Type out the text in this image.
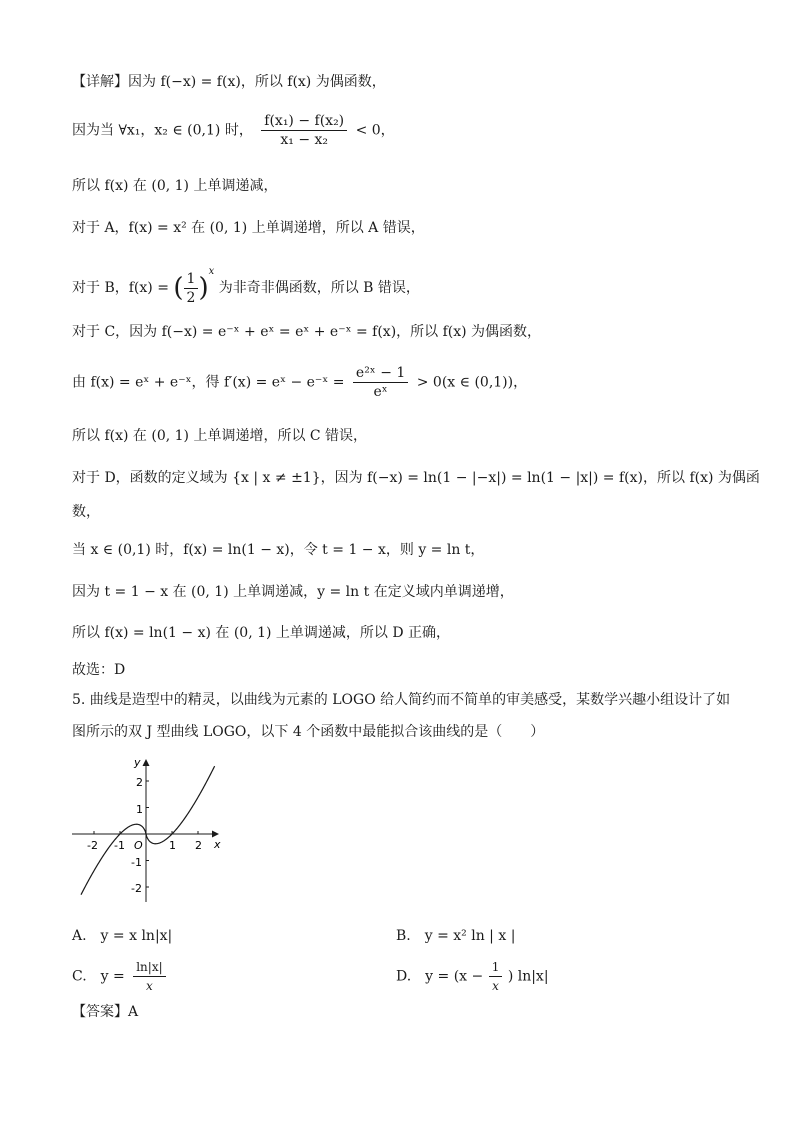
【详解】因为 f(−x) = f(x)，所以 f(x) 为偶函数，
因为当 ∀x₁，x₂ ∈ (0,1) 时， $\frac{\text{f(x₁) − f(x₂)}}{\text{x₁ − x₂}} < 0$，
所以 f(x) 在 (0, 1) 上单调递减，
对于 A，f(x) = x² 在 (0, 1) 上单调递增，所以 A 错误，
对于 B，f(x) = ( $\frac{1}{2} )^x$ 为非奇非偶函数，所以 B 错误，
对于 C，因为 f(−x) = e⁻ˣ + eˣ = eˣ + e⁻ˣ = f(x)，所以 f(x) 为偶函数，
由 f(x) = eˣ + e⁻ˣ，得 f′(x) = eˣ − e⁻ˣ = $\frac{\text{e²ˣ − 1}}{\text{eˣ}} > 0(x$ ∈ (0,1))，
所以 f(x) 在 (0, 1) 上单调递增，所以 C 错误，
对于 D，函数的定义域为 {x | x ≠ ±1}，因为 f(−x) = ln(1 − |−x|) = ln(1 − |x|) = f(x)，所以 f(x) 为偶函
数，
当 x ∈ (0,1) 时，f(x) = ln(1 − x)，令 t = 1 − x，则 y = ln t，
因为 t = 1 − x 在 (0, 1) 上单调递减，y = ln t 在定义域内单调递增，
所以 f(x) = ln(1 − x) 在 (0, 1) 上单调递减，所以 D 正确，
故选：D
5. 曲线是造型中的精灵，以曲线为元素的 LOGO 给人简约而不简单的审美感受，某数学兴趣小组设计了如
图所示的双 J 型曲线 LOGO，以下 4 个函数中最能拟合该曲线的是（　　）
x
y
O
-2 -1	1 2
2
1
-1
-2
A.　y = x ln|x|	B.　y = x² ln | x |
C.　$y = \frac{\ln|x|}{x}$	D.　$y = (x - \frac{1}{x}$ ) ln|x|
【答案】A
